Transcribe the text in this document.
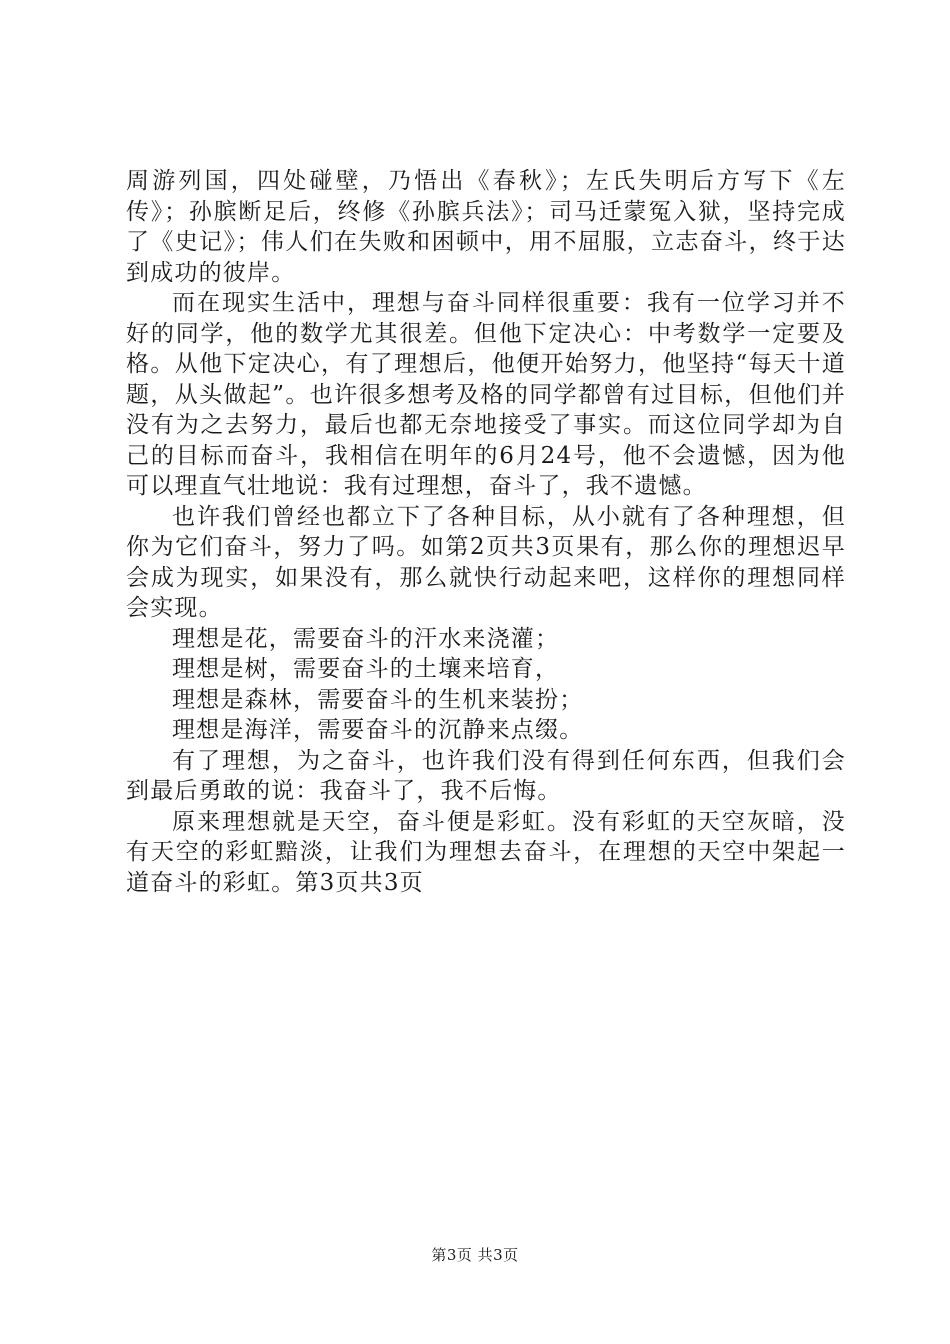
周游列国，四处碰壁，乃悟出《春秋》；左氏失明后方写下《左传》；孙膑断足后，终修《孙膑兵法》；司马迁蒙冤入狱，坚持完成了《史记》；伟人们在失败和困顿中，用不屈服，立志奋斗，终于达到成功的彼岸。

而在现实生活中，理想与奋斗同样很重要：我有一位学习并不好的同学，他的数学尤其很差。但他下定决心：中考数学一定要及格。从他下定决心，有了理想后，他便开始努力，他坚持“每天十道题，从头做起”。也许很多想考及格的同学都曾有过目标，但他们并没有为之去努力，最后也都无奈地接受了事实。而这位同学却为自己的目标而奋斗，我相信在明年的6月24号，他不会遗憾，因为他可以理直气壮地说：我有过理想，奋斗了，我不遗憾。

也许我们曾经也都立下了各种目标，从小就有了各种理想，但你为它们奋斗，努力了吗。如第2页共3页果有，那么你的理想迟早会成为现实，如果没有，那么就快行动起来吧，这样你的理想同样会实现。

理想是花，需要奋斗的汗水来浇灌；

理想是树，需要奋斗的土壤来培育，

理想是森林，需要奋斗的生机来装扮；

理想是海洋，需要奋斗的沉静来点缀。

有了理想，为之奋斗，也许我们没有得到任何东西，但我们会到最后勇敢的说：我奋斗了，我不后悔。

原来理想就是天空，奋斗便是彩虹。没有彩虹的天空灰暗，没有天空的彩虹黯淡，让我们为理想去奋斗，在理想的天空中架起一道奋斗的彩虹。第3页共3页

第3页 共3页
